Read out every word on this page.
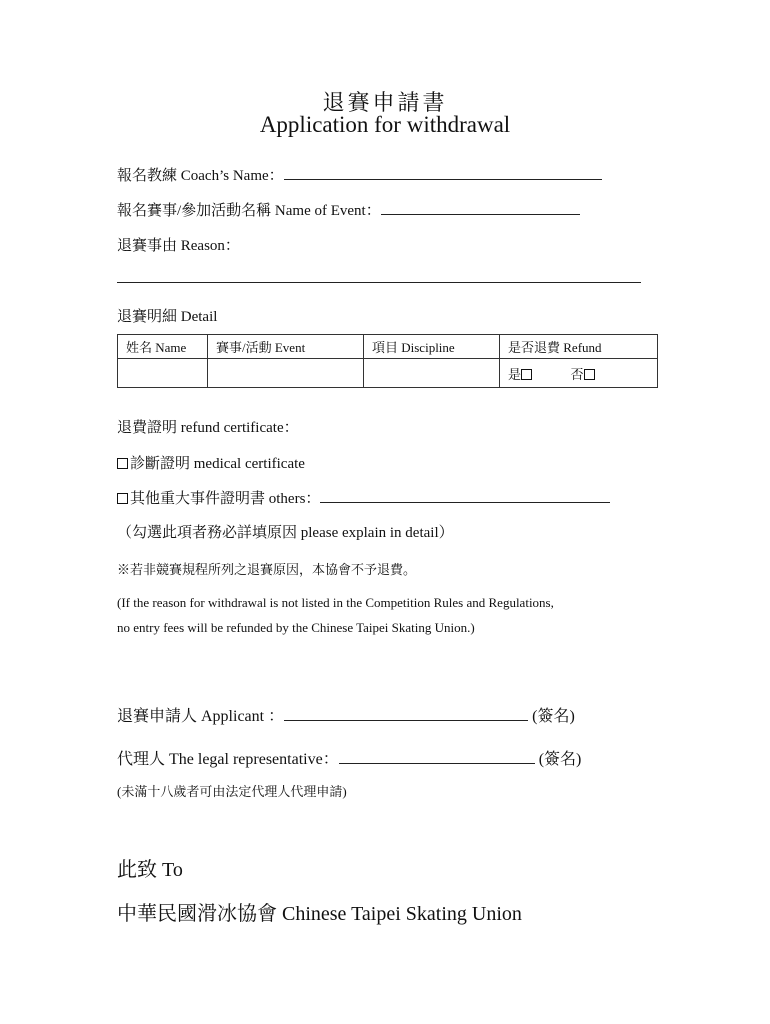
退賽申請書
Application for withdrawal
報名教練 Coach’s Name：
報名賽事/參加活動名稱 Name of Event：
退賽事由 Reason：
退賽明細 Detail
姓名 Name	賽事/活動 Event	項目 Discipline	是否退費 Refund
			是 否
退費證明 refund certificate：
診斷證明 medical certificate
其他重大事件證明書 others：
（勾選此項者務必詳填原因 please explain in detail）
※若非競賽規程所列之退賽原因，本協會不予退費。
(If the reason for withdrawal is not listed in the Competition Rules and Regulations,
no entry fees will be refunded by the Chinese Taipei Skating Union.)
退賽申請人 Applicant ：	(簽名)
代理人 The legal representative：	(簽名)
(未滿十八歲者可由法定代理人代理申請)
此致 To
中華民國滑冰協會 Chinese Taipei Skating Union
